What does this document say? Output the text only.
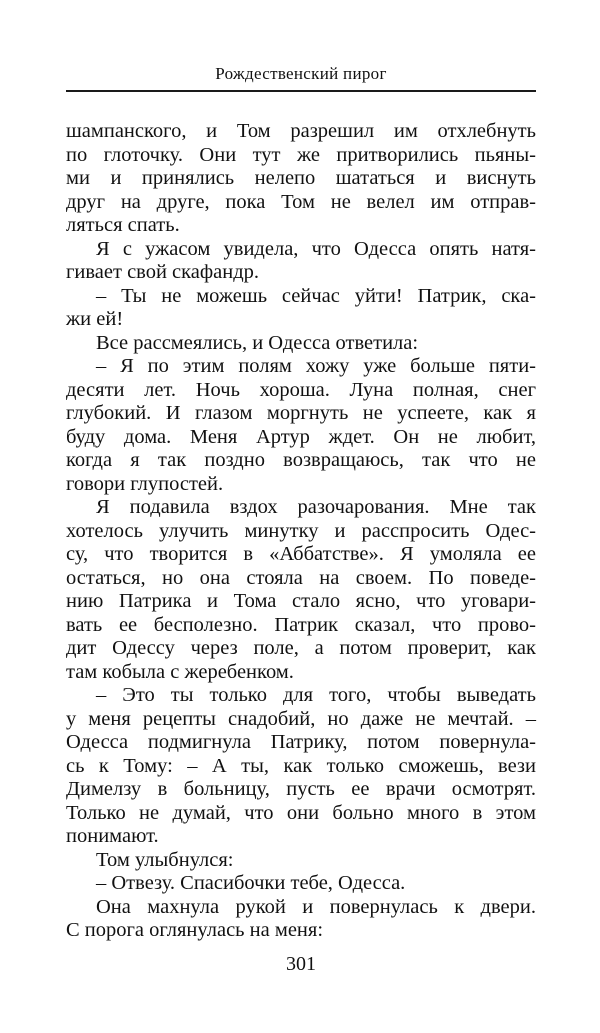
Рождественский пирог
шампанского, и Том разрешил им отхлебнуть
по глоточку. Они тут же притворились пьяны-
ми и принялись нелепо шататься и виснуть
друг на друге, пока Том не велел им отправ-
ляться спать.
Я с ужасом увидела, что Одесса опять натя-
гивает свой скафандр.
– Ты не можешь сейчас уйти! Патрик, ска-
жи ей!
Все рассмеялись, и Одесса ответила:
– Я по этим полям хожу уже больше пяти-
десяти лет. Ночь хороша. Луна полная, снег
глубокий. И глазом моргнуть не успеете, как я
буду дома. Меня Артур ждет. Он не любит,
когда я так поздно возвращаюсь, так что не
говори глупостей.
Я подавила вздох разочарования. Мне так
хотелось улучить минутку и расспросить Одес-
су, что творится в «Аббатстве». Я умоляла ее
остаться, но она стояла на своем. По поведе-
нию Патрика и Тома стало ясно, что уговари-
вать ее бесполезно. Патрик сказал, что прово-
дит Одессу через поле, а потом проверит, как
там кобыла с жеребенком.
– Это ты только для того, чтобы выведать
у меня рецепты снадобий, но даже не мечтай. –
Одесса подмигнула Патрику, потом повернула-
сь к Тому: – А ты, как только сможешь, вези
Димелзу в больницу, пусть ее врачи осмотрят.
Только не думай, что они больно много в этом
понимают.
Том улыбнулся:
– Отвезу. Спасибочки тебе, Одесса.
Она махнула рукой и повернулась к двери.
С порога оглянулась на меня:
301
